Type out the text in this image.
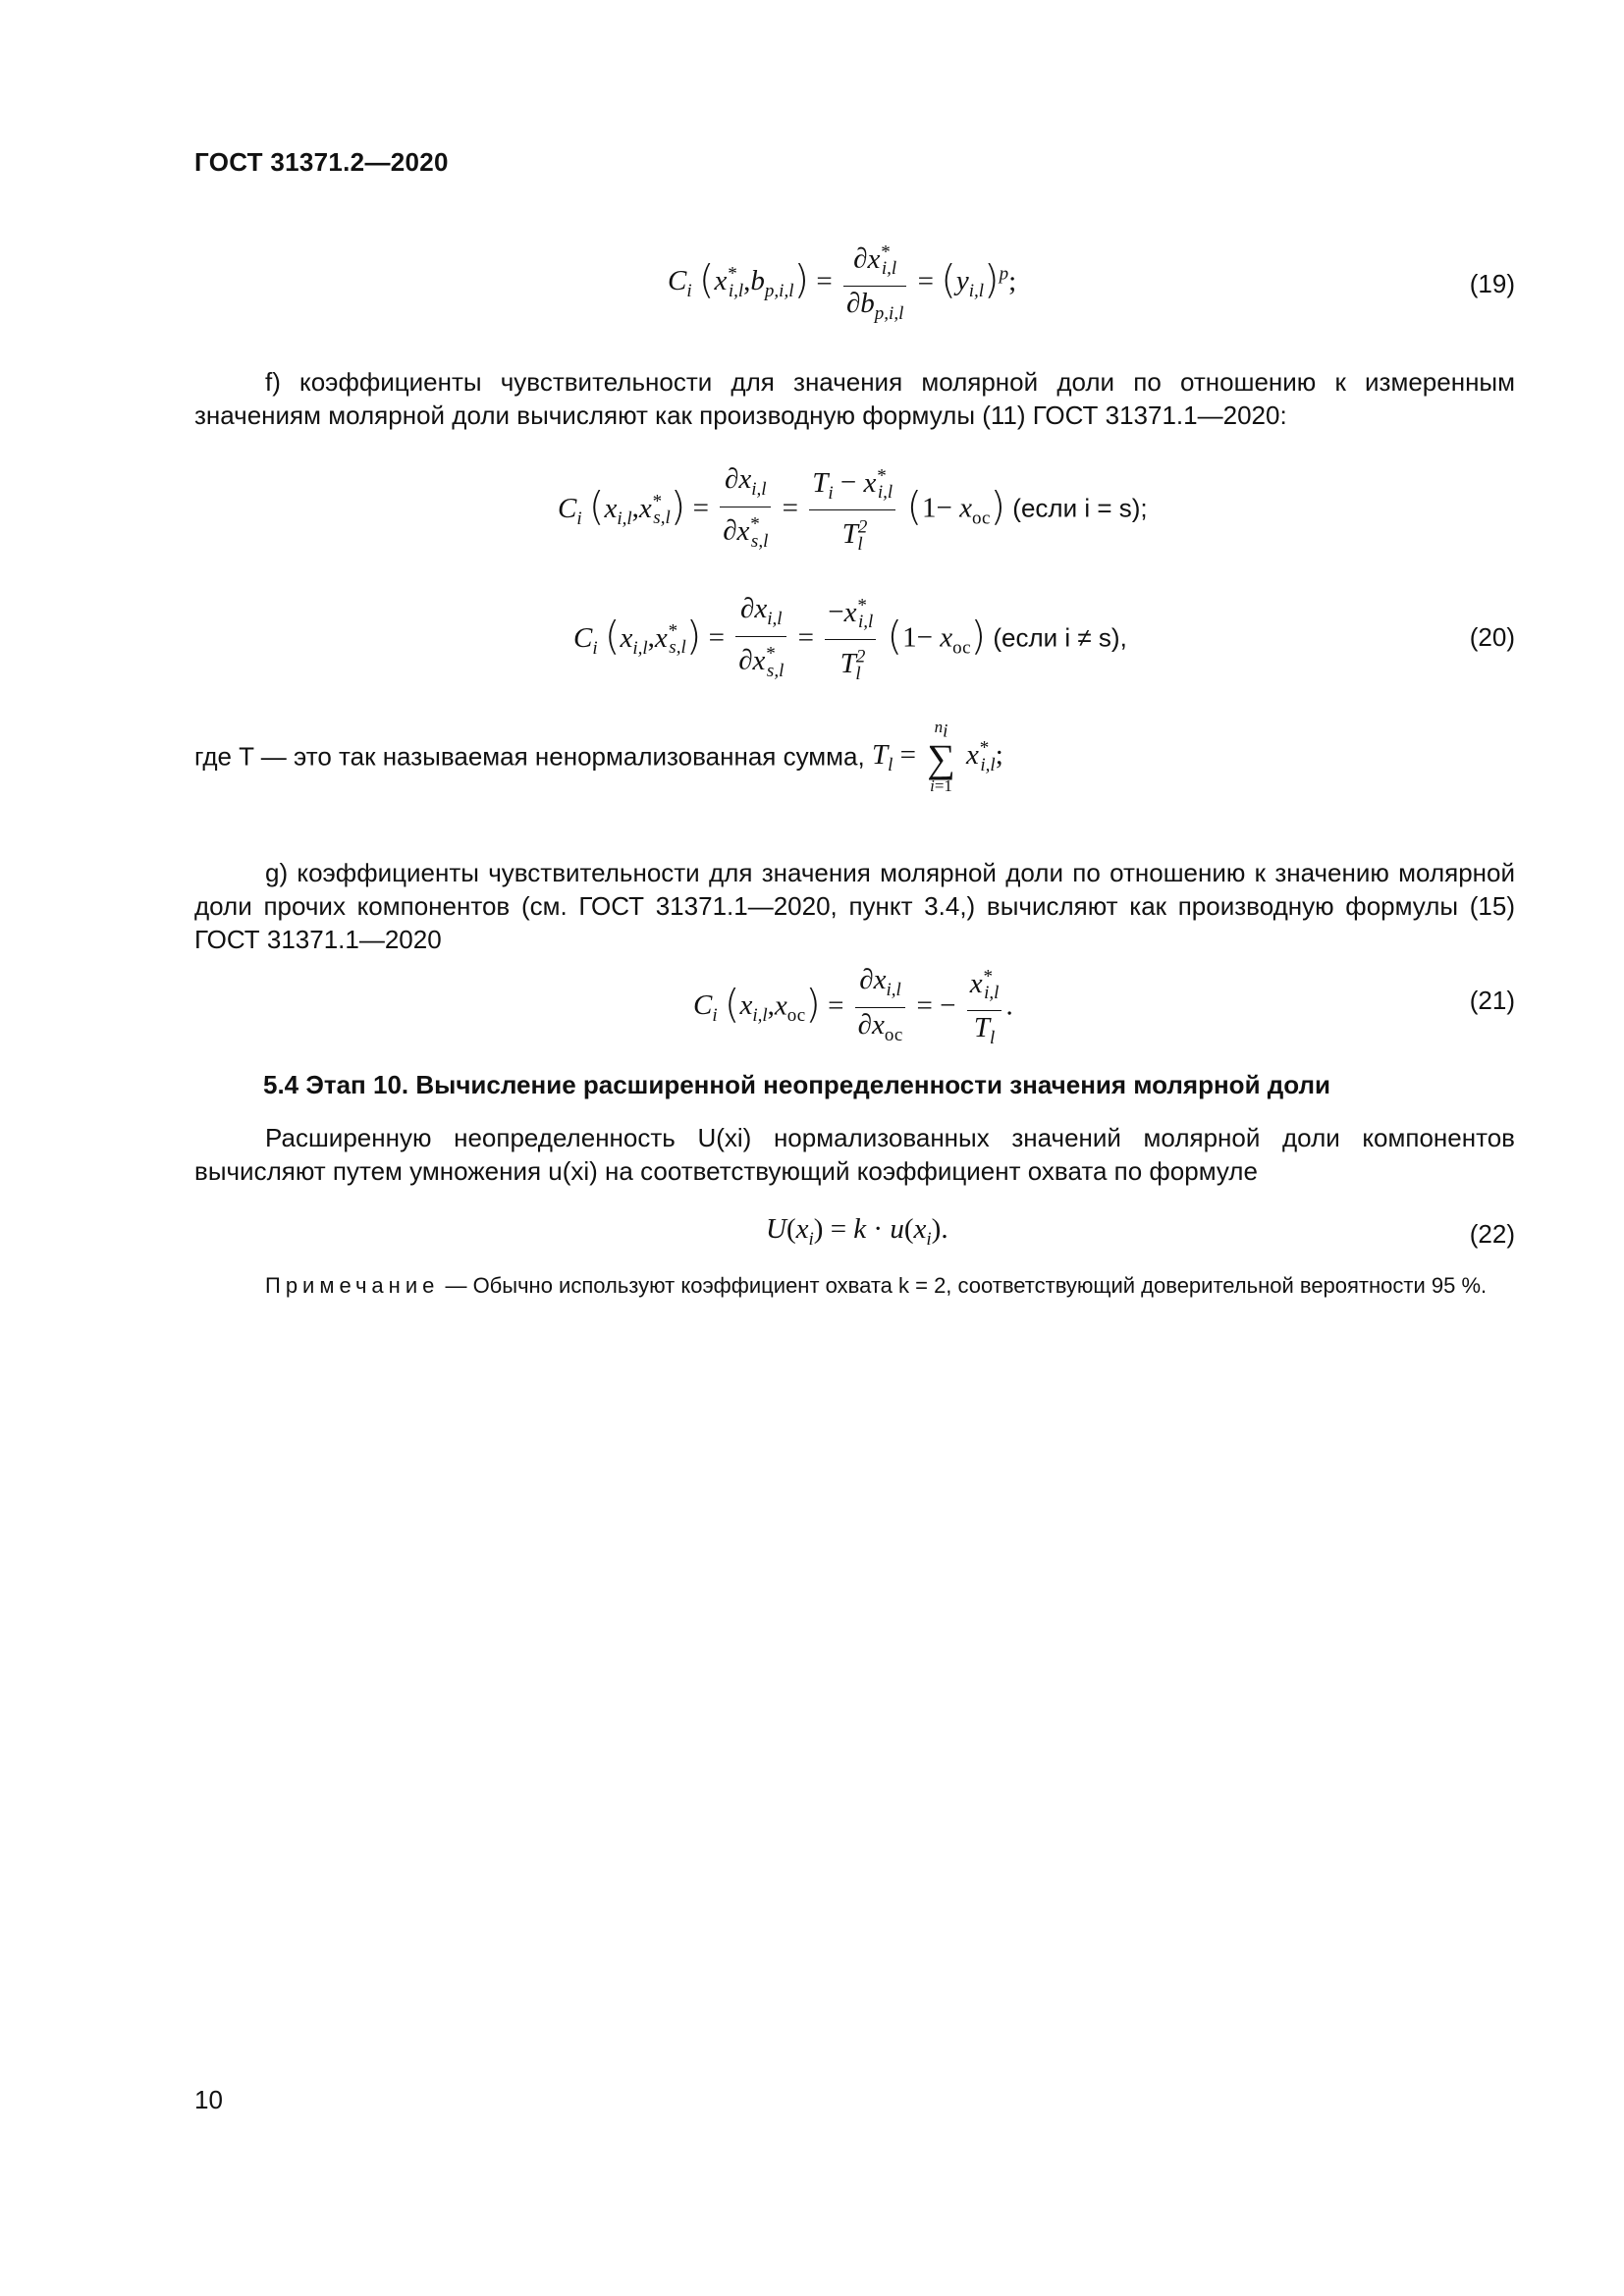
ГОСТ 31371.2—2020
$C_i$ $(x^*_{i,l},b_{p,i,l}) = \frac{\partial x^*_{i,l}}{\partial b_{p,i,l}} = (y_{i,l})^p$;	(19)
f) коэффициенты чувствительности для значения молярной доли по отношению к измеренным значениям молярной доли вычисляют как производную формулы (11) ГОСТ 31371.1—2020:
$C_i$ $(x_{i,l},x^*_{s,l}) = \frac{\partial x_{i,l}}{\partial x^*_{s,l}} = \frac{T_i - x^*_{i,l}}{T^2_l} (1- x_{ос})$ (если i = s);
$C_i$ $(x_{i,l},x^*_{s,l}) = \frac{\partial x_{i,l}}{\partial x^*_{s,l}} = \frac{-x^*_{i,l}}{T^2_l} (1- x_{ос})$ (если i ≠ s),	(20)
где T — это так называемая ненормализованная сумма, $T_l = n_i$
∑
i=1 $x^*_{i,l}$;
g) коэффициенты чувствительности для значения молярной доли по отношению к значению молярной доли прочих компонентов (см. ГОСТ 31371.1—2020, пункт 3.4,) вычисляют как производную формулы (15) ГОСТ 31371.1—2020
$C_i$ $(x_{i,l},x_{ос}) = \frac{\partial x_{i,l}}{\partial x_{ос}}$ = − $\frac{x^*_{i,l}}{T_l}$ .	(21)
5.4 Этап 10. Вычисление расширенной неопределенности значения молярной доли
Расширенную неопределенность U(xi) нормализованных значений молярной доли компонентов вычисляют путем умножения u(xi) на соответствующий коэффициент охвата по формуле
$U(x_i) = k \cdot u(x_i)$.	(22)
Примечание — Обычно используют коэффициент охвата k = 2, соответствующий доверительной вероятности 95 %.
10
